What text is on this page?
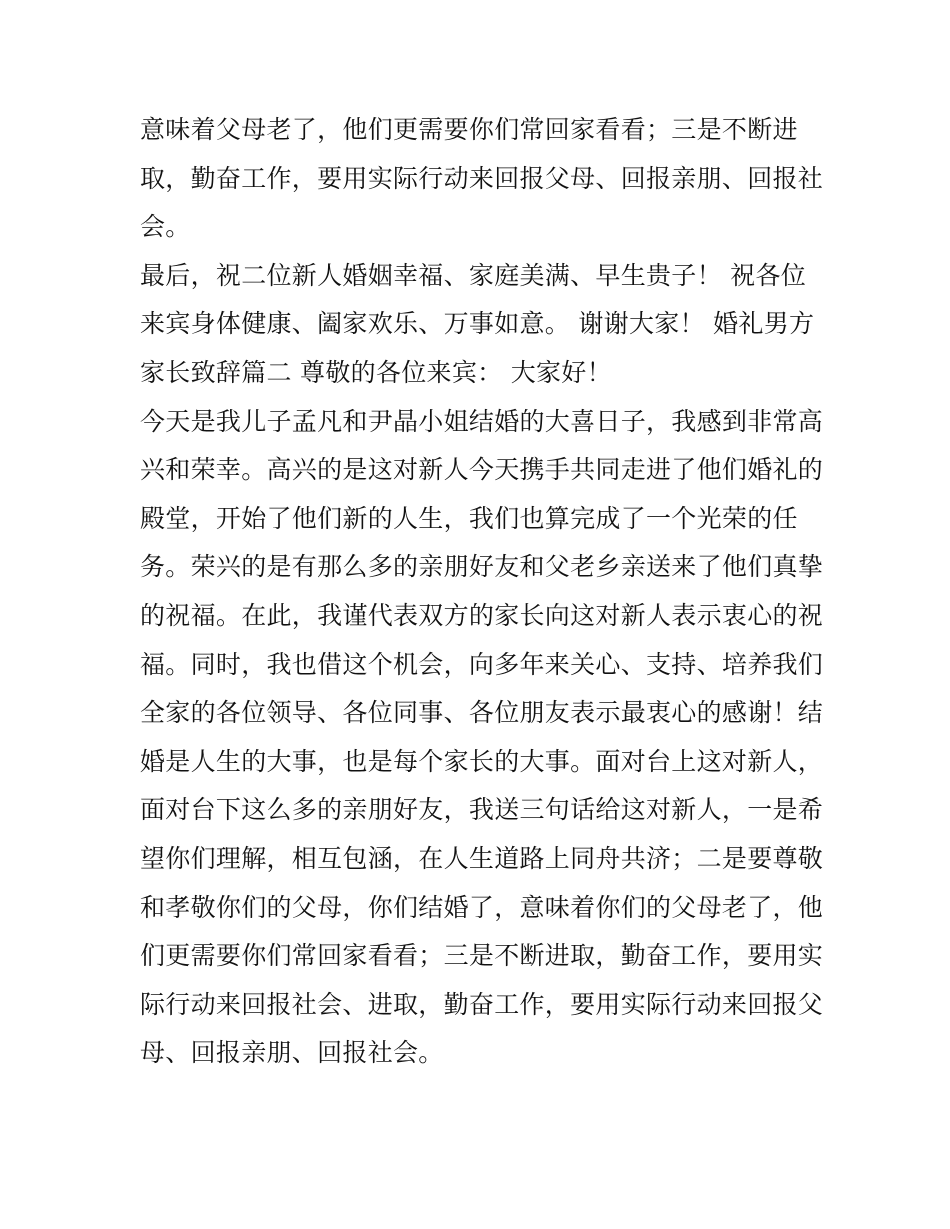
意味着父母老了，他们更需要你们常回家看看；三是不断进
取，勤奋工作，要用实际行动来回报父母、回报亲朋、回报社
会。
最后，祝二位新人婚姻幸福、家庭美满、早生贵子！ 祝各位
来宾身体健康、阖家欢乐、万事如意。 谢谢大家！ 婚礼男方
家长致辞篇二 尊敬的各位来宾： 大家好！
今天是我儿子孟凡和尹晶小姐结婚的大喜日子，我感到非常高
兴和荣幸。高兴的是这对新人今天携手共同走进了他们婚礼的
殿堂，开始了他们新的人生，我们也算完成了一个光荣的任
务。荣兴的是有那么多的亲朋好友和父老乡亲送来了他们真挚
的祝福。在此，我谨代表双方的家长向这对新人表示衷心的祝
福。同时，我也借这个机会，向多年来关心、支持、培养我们
全家的各位领导、各位同事、各位朋友表示最衷心的感谢！结
婚是人生的大事，也是每个家长的大事。面对台上这对新人，
面对台下这么多的亲朋好友，我送三句话给这对新人，一是希
望你们理解，相互包涵，在人生道路上同舟共济；二是要尊敬
和孝敬你们的父母，你们结婚了，意味着你们的父母老了，他
们更需要你们常回家看看；三是不断进取，勤奋工作，要用实
际行动来回报社会、进取，勤奋工作，要用实际行动来回报父
母、回报亲朋、回报社会。
